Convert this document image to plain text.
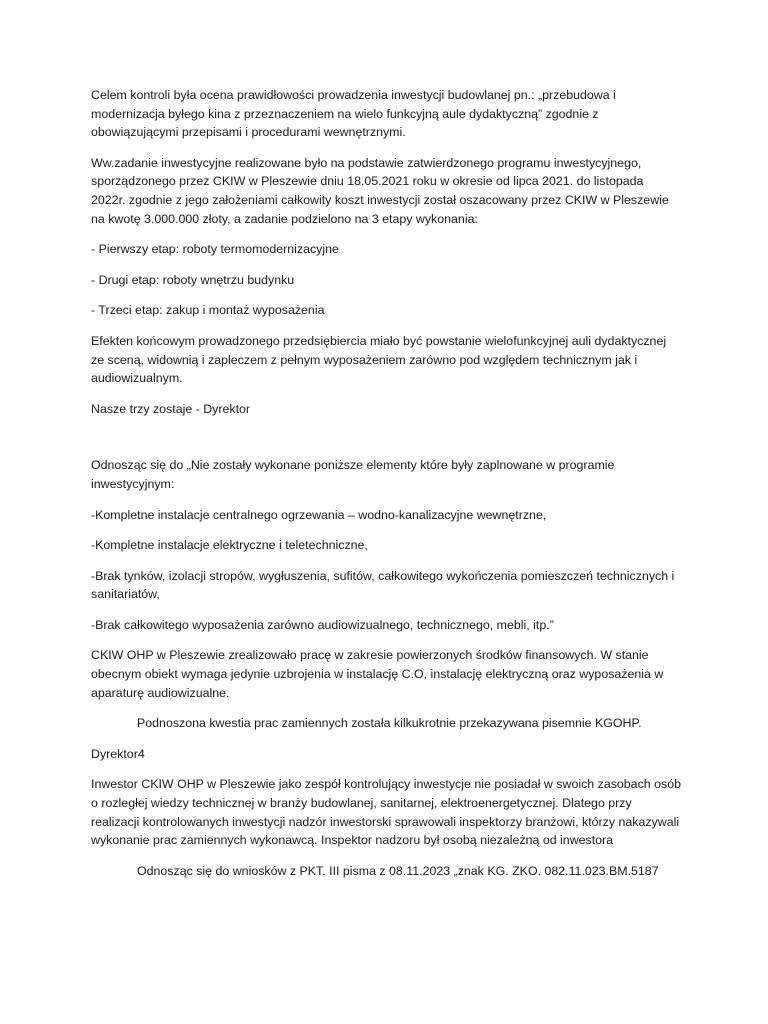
Celem kontroli była ocena prawidłowości prowadzenia inwestycji budowlanej pn.: „przebudowa i modernizacja byłego kina z przeznaczeniem na wielo funkcyjną aule dydaktyczną” zgodnie z obowiązującymi przepisami i procedurami wewnętrznymi.

Ww.zadanie inwestycyjne realizowane było na podstawie zatwierdzonego programu inwestycyjnego, sporządzonego przez CKIW w Pleszewie dniu 18.05.2021 roku w okresie od lipca 2021. do listopada 2022r. zgodnie z jego założeniami całkowity koszt inwestycji został oszacowany przez CKIW w Pleszewie na kwotę 3.000.000 złoty, a zadanie podzielono na 3 etapy wykonania:

- Pierwszy etap: roboty termomodernizacyjne

- Drugi etap: roboty wnętrzu budynku

- Trzeci etap: zakup i montaż wyposażenia

Efekten końcowym prowadzonego przedsiębiercia miało być powstanie wielofunkcyjnej auli dydaktycznej ze sceną, widownią i zapleczem z pełnym wyposażeniem zarówno pod względem technicznym jak i audiowizualnym.

Nasze trzy zostaje - Dyrektor

Odnosząc się do „Nie zostały wykonane poniższe elementy które były zaplnowane w programie inwestycyjnym:

-Kompletne instalacje centralnego ogrzewania – wodno-kanalizacyjne wewnętrzne,

-Kompletne instalacje elektryczne i teletechniczne,

-Brak tynków, izolacji stropów, wygłuszenia, sufitów, całkowitego wykończenia pomieszczeń technicznych i sanitariatów,

-Brak całkowitego wyposażenia zarówno audiowizualnego, technicznego, mebli, itp.”

CKIW OHP w Pleszewie zrealizowało pracę w zakresie powierzonych środków finansowych. W stanie obecnym obiekt wymaga jedynie uzbrojenia w instalację C.O, instalację elektryczną oraz wyposażenia w aparaturę audiowizualne.

Podnoszona kwestia prac zamiennych została kilkukrotnie przekazywana pisemnie KGOHP.

Dyrektor4

Inwestor CKIW OHP w Pleszewie jako zespół kontrolujący inwestycje nie posiadał w swoich zasobach osób o rozległej wiedzy technicznej w branży budowlanej, sanitarnej, elektroenergetycznej. Dlatego przy realizacji kontrolowanych inwestycji nadzór inwestorski sprawowali inspektorzy branżowi, którzy nakazywali wykonanie prac zamiennych wykonawcą. Inspektor nadzoru był osobą niezależną od inwestora

Odnosząc się do wniosków z PKT. III pisma z 08.11.2023 „znak KG. ZKO. 082.11.023.BM.5187
